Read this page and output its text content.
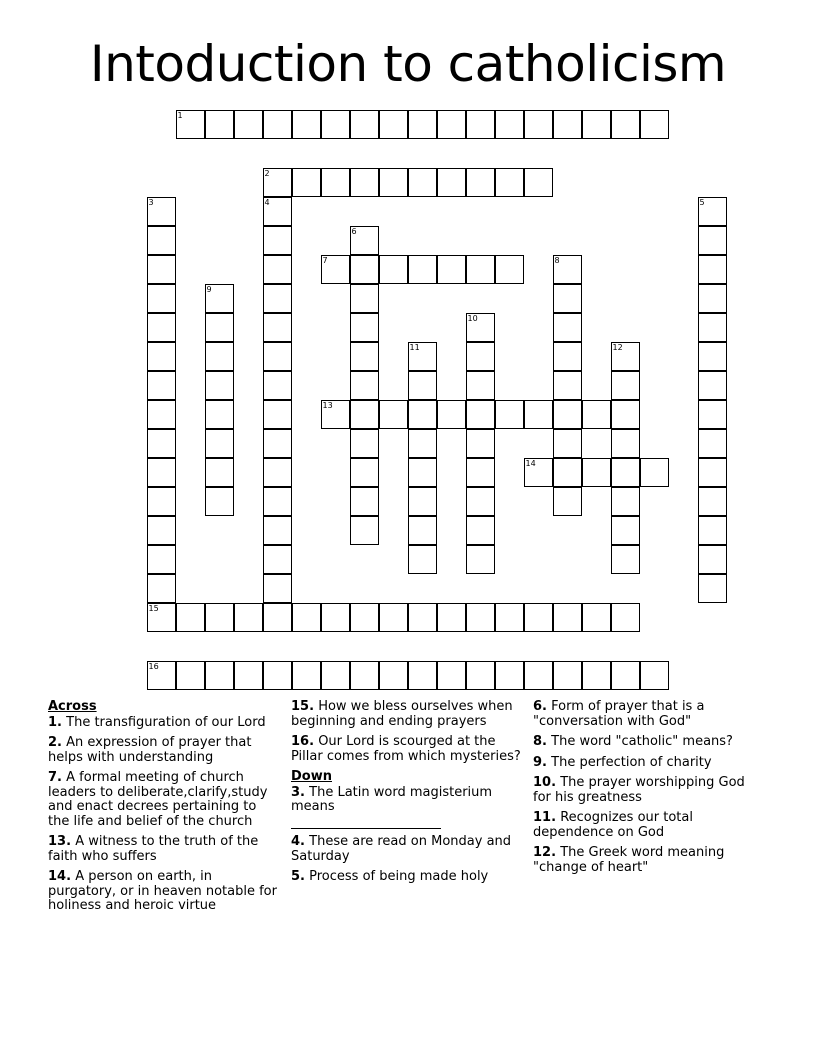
Intoduction to catholicism
1
2
3	4	5
6
7	8
9
10
11	12
13
14
15
16
Across
1. The transfiguration of our Lord
2. An expression of prayer that helps with understanding
7. A formal meeting of church leaders to deliberate,clarify,study and enact decrees pertaining to the life and belief of the church
13. A witness to the truth of the faith who suffers
14. A person on earth, in purgatory, or in heaven notable for holiness and heroic virtue
15. How we bless ourselves when beginning and ending prayers
16. Our Lord is scourged at the Pillar comes from which mysteries?
Down
3. The Latin word magisterium means

4. These are read on Monday and Saturday
5. Process of being made holy
6. Form of prayer that is a "conversation with God"
8. The word "catholic" means?
9. The perfection of charity
10. The prayer worshipping God for his greatness
11. Recognizes our total dependence on God
12. The Greek word meaning "change of heart"
